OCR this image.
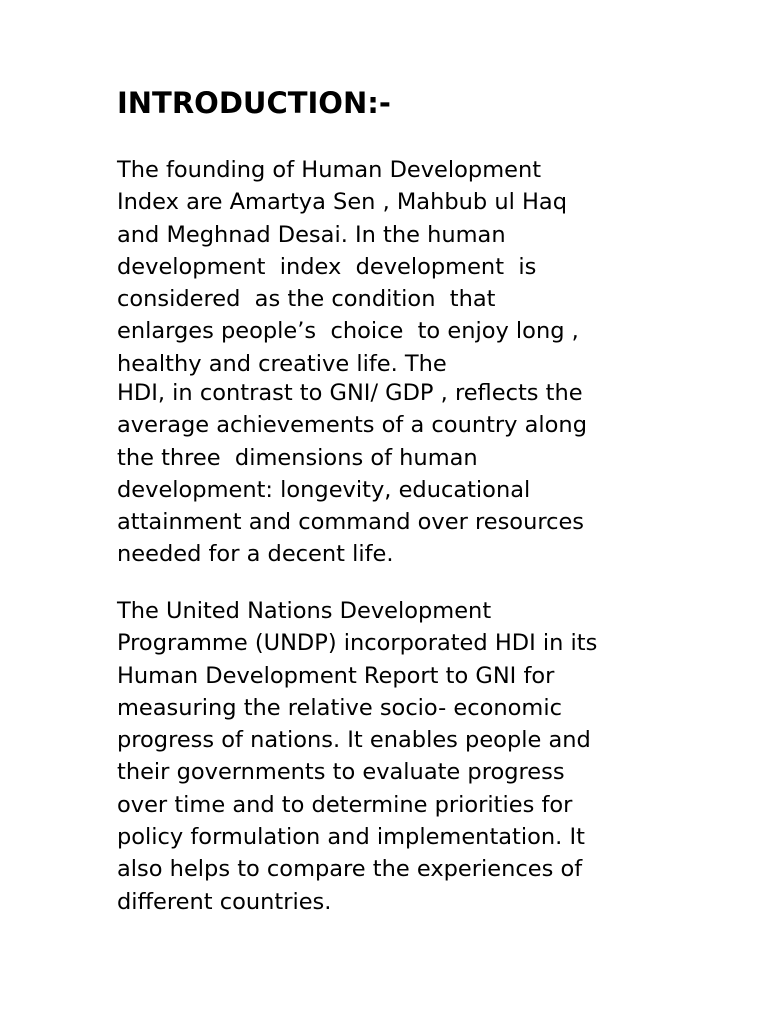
INTRODUCTION:-

The founding of Human Development
Index are Amartya Sen , Mahbub ul Haq
and Meghnad Desai. In the human
development  index  development  is
considered  as the condition  that
enlarges people’s  choice  to enjoy long ,
healthy and creative life. The

HDI, in contrast to GNI/ GDP , reflects the
average achievements of a country along
the three  dimensions of human
development: longevity, educational
attainment and command over resources
needed for a decent life.

The United Nations Development
Programme (UNDP) incorporated HDI in its
Human Development Report to GNI for
measuring the relative socio- economic
progress of nations. It enables people and
their governments to evaluate progress
over time and to determine priorities for
policy formulation and implementation. It
also helps to compare the experiences of
different countries.
